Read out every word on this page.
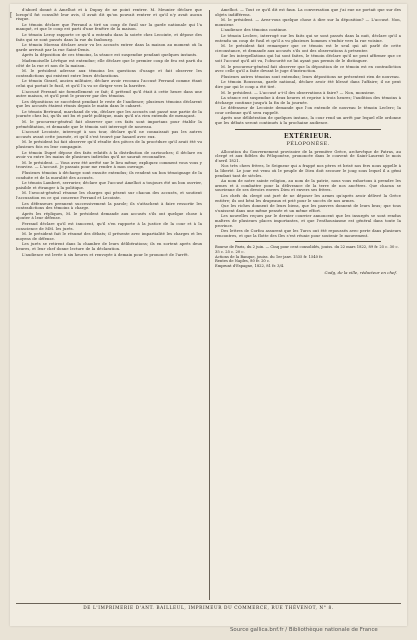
[

d'abord donné à Amelhot et à Dupuy de ne point rentrer. M. Meunier déclare que lorsqu'il fut consulté leur avis, il avait dit qu'on pouvait rentrer et qu'il n'y avait aucun risque.

Le témoin déclare que Ferrand a tiré un coup de fusil sur la garde nationale qui l'a manqué, et que le coup est parti d'une fenêtre de la maison.

Le témoin Leroy rapporte ce qu'il a entendu dans la soirée chez Lecointe, et dépose des faits qui se sont passés dans la rue du faubourg.

Le témoin Moreau déclare avoir vu les accusés entrer dans la maison au moment où la garde arrivait par la rue Saint-Denis.

Après la déposition de ces témoins, la séance est suspendue pendant quelques instants.

Mademoiselle Lévêque est entendue; elle déclare que le premier coup de feu est parti du côté de la rue et non de la maison.

M. le président adresse aux témoins les questions d'usage et fait observer les contradictions qui existent entre leurs déclarations.

Le témoin Girard, ancien militaire, déclare avoir reconnu l'accusé Ferrand comme étant celui qui portait le fusil, et qu'il l'a vu se diriger vers la barrière.

L'accusé Ferrand nie formellement ce fait; il prétend qu'il était à cette heure dans une autre maison, et qu'il peut le prouver par des témoins.

Les dépositions se succèdent pendant le reste de l'audience; plusieurs témoins déclarent que les accusés étaient réunis depuis le matin dans le cabaret.

Le témoin Bertrand, marchand de vin, déclare que les accusés ont passé une partie de la journée chez lui, qu'ils ont bu et parlé politique, mais qu'il n'a rien entendu de menaçant.

M. le procureur-général fait observer que ces faits sont importans pour établir la préméditation, et demande que le témoin soit interrogé de nouveau.

L'accusé Lecointe, interrogé à son tour, déclare qu'il ne connaissait pas les autres accusés avant cette journée, et qu'il s'est trouvé par hasard avec eux.

M. le président lui fait observer qu'il résulte des pièces de la procédure qu'il avait été vu plusieurs fois en leur compagnie.

Le témoin Dupré dépose des faits relatifs à la distribution de cartouches; il déclare en avoir vu entre les mains de plusieurs individus qu'il ne saurait reconnaître.

M. le président. — Vous avez été arrêté sur le lieu même; expliquez comment vous vous y trouviez. — L'accusé. Je passais pour me rendre à mon ouvrage.

Plusieurs témoins à décharge sont ensuite entendus; ils rendent un bon témoignage de la conduite et de la moralité des accusés.

Le témoin Lambert, serrurier, déclare que l'accusé Amelhot a toujours été un bon ouvrier, paisible et étranger à la politique.

M. l'avocat-général résume les charges qui pèsent sur chacun des accusés, et soutient l'accusation en ce qui concerne Ferrand et Lecointe.

Les défenseurs prennent successivement la parole; ils s'attachent à faire ressortir les contradictions des témoins à charge.

Après les répliques, M. le président demande aux accusés s'ils ont quelque chose à ajouter à leur défense.

Ferrand déclare qu'il est innocent, qu'il s'en rapporte à la justice de la cour et à la conscience de MM. les jurés.

M. le président fait le résumé des débats; il présente avec impartialité les charges et les moyens de défense.

Les jurés se retirent dans la chambre de leurs délibérations; ils en sortent après deux heures, et leur chef donne lecture de la déclaration.

L'audience est levée à six heures et renvoyée à demain pour le prononcé de l'arrêt.

Amelhot. — Tout ce qu'il dit est faux. La conversation que j'ai eue ne portait que sur des objets indifférens.

M. le président. — Avez-vous quelque chose à dire sur la déposition? — L'accusé. Non, monsieur.

L'audience des témoins continue.

Le témoin Leclerc, interrogé sur les faits qui se sont passés dans la nuit, déclare qu'il a entendu un coup de fusil et qu'il a vu plusieurs hommes s'enfuir vers la rue voisine.

M. le président fait remarquer que ce témoin est le seul qui ait parlé de cette circonstance, et demande aux accusés s'ils ont des observations à présenter.

Sur les interpellations qui lui sont faites, le témoin déclare qu'il ne peut affirmer que ce soit l'accusé qu'il ait vu, l'obscurité ne lui ayant pas permis de le distinguer.

M. le procureur-général fait observer que la déposition de ce témoin est en contradiction avec celle qu'il a faite devant le juge d'instruction.

Plusieurs autres témoins sont entendus; leurs dépositions ne présentent rien de nouveau.

Le témoin Rousseau, garde national, déclare avoir été blessé dans l'affaire; il ne peut dire par qui le coup a été tiré.

M. le président. — L'accusé a-t-il des observations à faire? — Non, monsieur.

La séance est suspendue à deux heures et reprise à trois heures; l'audition des témoins à décharge continue jusqu'à la fin de la journée.

Le défenseur de Lecointe demande que l'on entende de nouveau le témoin Leclerc; la cour ordonne qu'il sera rappelé.

Après une délibération de quelques instans, la cour rend un arrêt par lequel elle ordonne que les débats seront continués à la prochaine audience.

EXTÉRIEUR.
PÉLOPONÈSE.

Allocution du Gouvernement provisoire de la première Grèce, archevêque de Patras, au clergé et aux fidèles du Péloponèse, prononcée dans le couvent de Saint-Laurent le mois d'avril 1821.

Nos très chers frères, le Seigneur qui a frappé nos pères et brisé nos fers nous appelle à la liberté. Le jour est venu où le peuple de Dieu doit secouer le joug sous lequel il a gémi pendant tant de siècles.

Au nom de notre sainte religion, au nom de la patrie, nous vous exhortons à prendre les armes et à combattre pour la délivrance de la terre de nos ancêtres. Que chacun se souvienne de ses devoirs envers Dieu et envers ses frères.

Les chefs du clergé ont juré de ne déposer les armes qu'après avoir délivré la Grèce entière; ils ont béni les drapeaux et prié pour le succès de nos armes.

Que les riches donnent de leurs biens, que les pauvres donnent de leurs bras; que tous s'unissent dans une même pensée et un même effort.

Les nouvelles reçues par le dernier courrier annoncent que les insurgés se sont rendus maîtres de plusieurs places importantes, et que l'enthousiasme est général dans toute la province.

Des lettres de Corfou assurent que les Turcs ont été repoussés avec perte dans plusieurs rencontres, et que la flotte des îles s'est réunie pour soutenir le mouvement.

Bourse de Paris, du 2 juin. — Cinq pour cent consolidés, jouiss. du 22 mars 1822, 89 fr. 25 c. 30 c. 35 c. 25 c. 20 c.

Actions de la Banque, jouiss. du 1er janv. 1535 fr. 1540 fr.

Rentes de Naples, 80 fr. 20 c.

Emprunt d'Espagne, 1822, 81 fr. 3/4.

Codg, de la ville, rédacteur en chef.
DE L'IMPRIMERIE D'ANT. BAILLEUL, IMPRIMEUR DU COMMERCE, RUE THÉVENOT, N° 8.
Source gallica.bnf.fr / Bibliothèque nationale de France
